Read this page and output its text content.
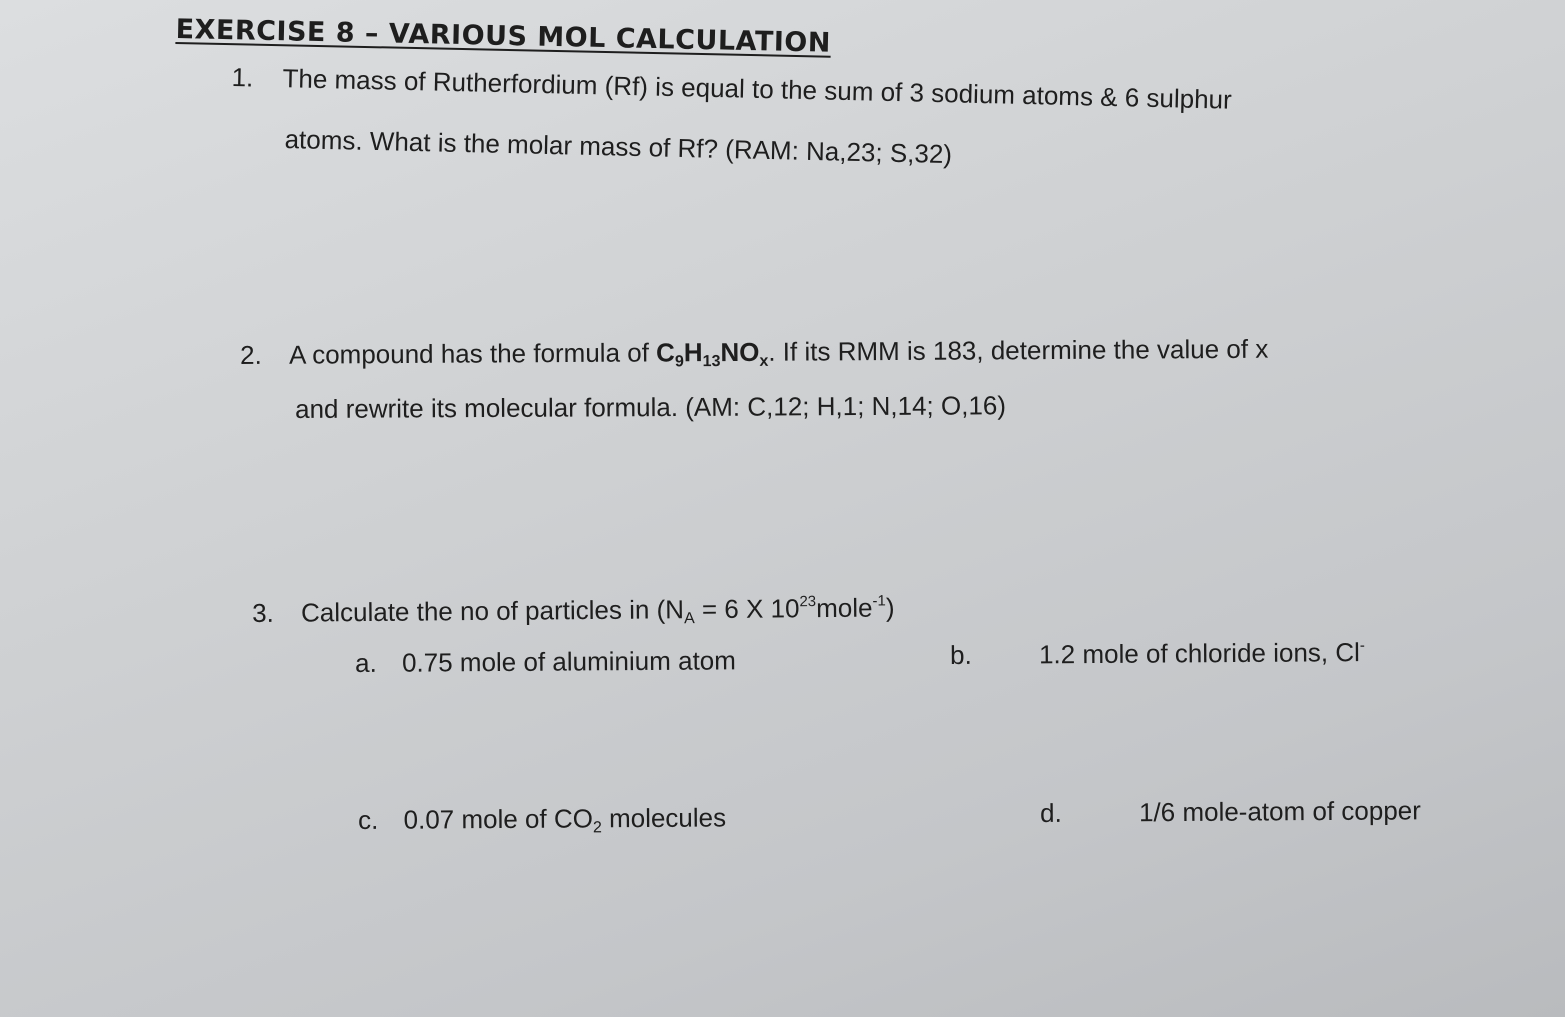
EXERCISE 8 – VARIOUS MOL CALCULATION
1. The mass of Rutherfordium (Rf) is equal to the sum of 3 sodium atoms & 6 sulphur
atoms. What is the molar mass of Rf? (RAM: Na,23; S,32)
2. A compound has the formula of $C_9H_{13}NO_x$. If its RMM is 183, determine the value of x
and rewrite its molecular formula. (AM: C,12; H,1; N,14; O,16)
3. Calculate the no of particles in ($N_A = 6$ X $10^{23}mole^{-1}$)
a. 0.75 mole of aluminium atom	b.	1.2 mole of chloride ions, Cl-
c. 0.07 mole of $CO_2$ molecules	d.	1/6 mole-atom of copper
